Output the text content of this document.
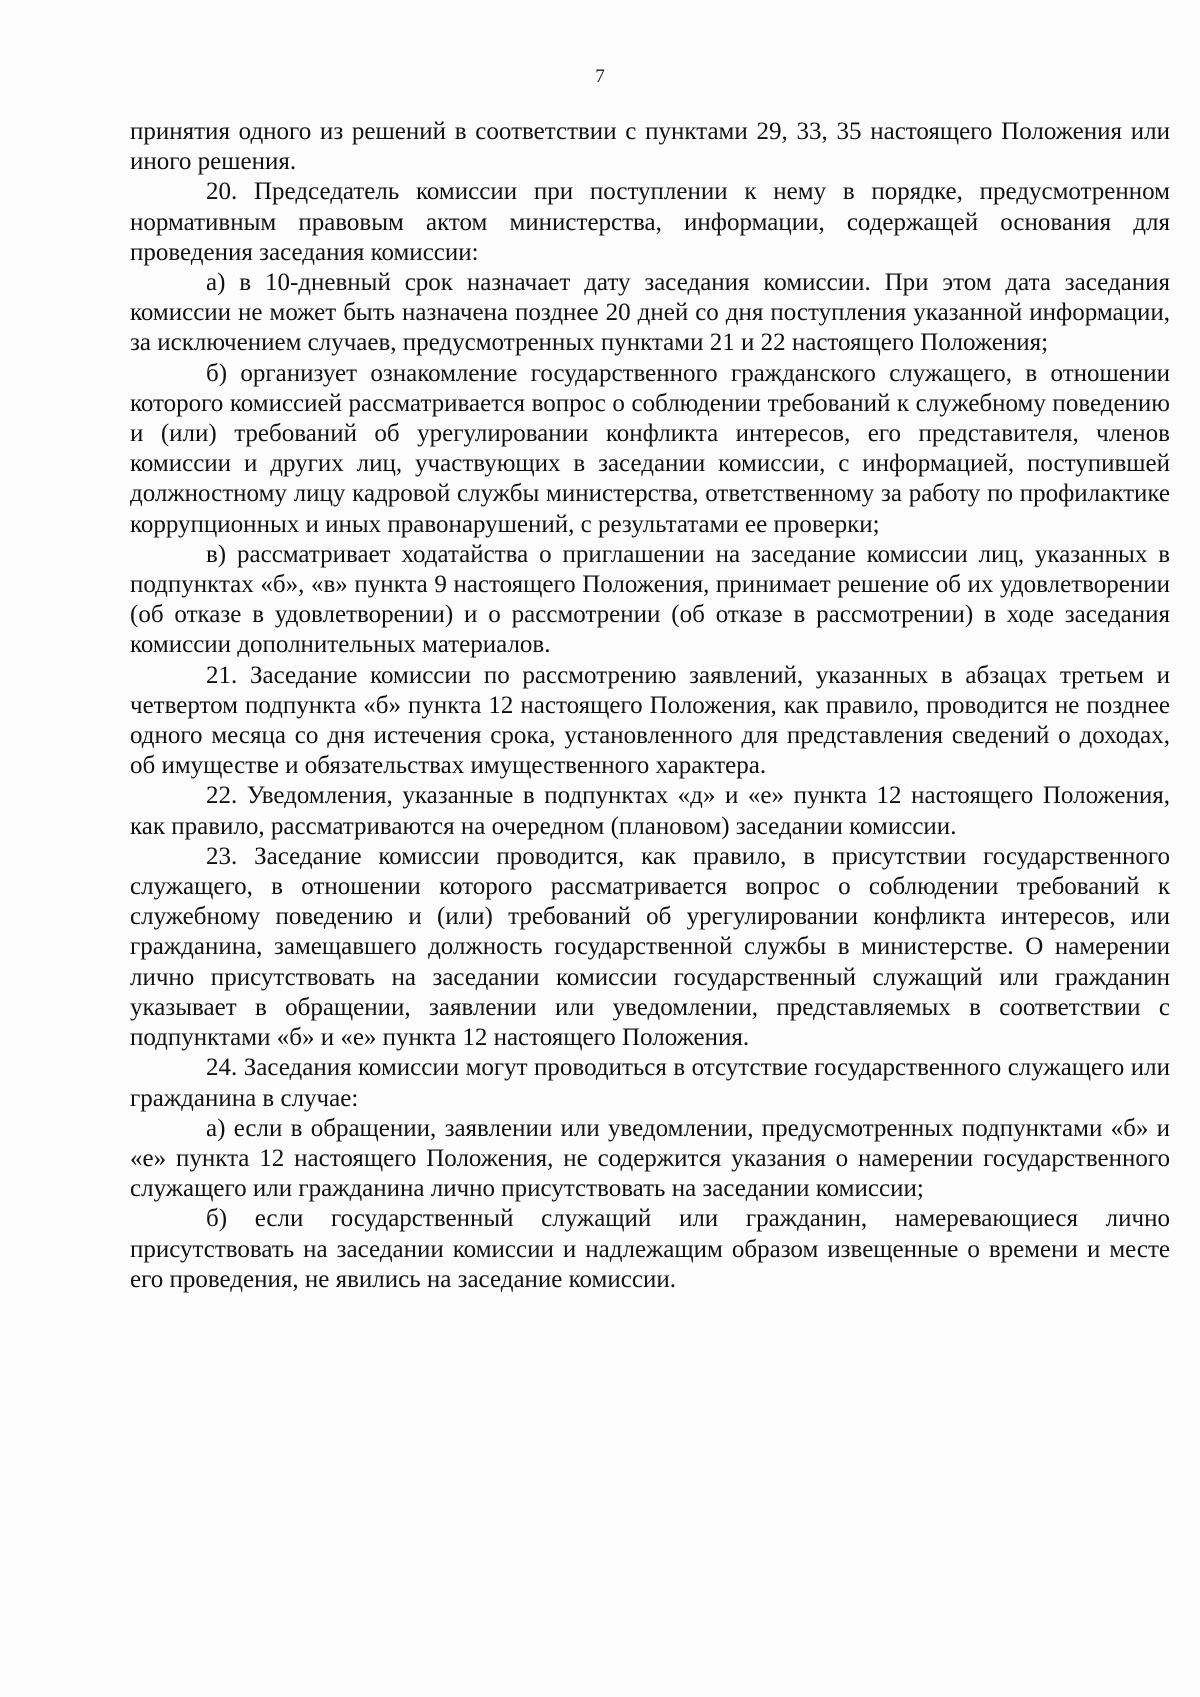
7

принятия одного из решений в соответствии с пунктами 29, 33, 35 настоящего Положения или иного решения.

20. Председатель комиссии при поступлении к нему в порядке, предусмотренном нормативным правовым актом министерства, информации, содержащей основания для проведения заседания комиссии:

а) в 10-дневный срок назначает дату заседания комиссии. При этом дата заседания комиссии не может быть назначена позднее 20 дней со дня поступления указанной информации, за исключением случаев, предусмотренных пунктами 21 и 22 настоящего Положения;

б) организует ознакомление государственного гражданского служащего, в отношении которого комиссией рассматривается вопрос о соблюдении требований к служебному поведению и (или) требований об урегулировании конфликта интересов, его представителя, членов комиссии и других лиц, участвующих в заседании комиссии, с информацией, поступившей должностному лицу кадровой службы министерства, ответственному за работу по профилактике коррупционных и иных правонарушений, с результатами ее проверки;

в) рассматривает ходатайства о приглашении на заседание комиссии лиц, указанных в подпунктах «б», «в» пункта 9 настоящего Положения, принимает решение об их удовлетворении (об отказе в удовлетворении) и о рассмотрении (об отказе в рассмотрении) в ходе заседания комиссии дополнительных материалов.

21. Заседание комиссии по рассмотрению заявлений, указанных в абзацах третьем и четвертом подпункта «б» пункта 12 настоящего Положения, как правило, проводится не позднее одного месяца со дня истечения срока, установленного для представления сведений о доходах, об имуществе и обязательствах имущественного характера.

22. Уведомления, указанные в подпунктах «д» и «е» пункта 12 настоящего Положения, как правило, рассматриваются на очередном (плановом) заседании комиссии.

23. Заседание комиссии проводится, как правило, в присутствии государственного служащего, в отношении которого рассматривается вопрос о соблюдении требований к служебному поведению и (или) требований об урегулировании конфликта интересов, или гражданина, замещавшего должность государственной службы в министерстве. О намерении лично присутствовать на заседании комиссии государственный служащий или гражданин указывает в обращении, заявлении или уведомлении, представляемых в соответствии с подпунктами «б» и «е» пункта 12 настоящего Положения.

24. Заседания комиссии могут проводиться в отсутствие государственного служащего или гражданина в случае:

а) если в обращении, заявлении или уведомлении, предусмотренных подпунктами «б» и «е» пункта 12 настоящего Положения, не содержится указания о намерении государственного служащего или гражданина лично присутствовать на заседании комиссии;

б) если государственный служащий или гражданин, намеревающиеся лично присутствовать на заседании комиссии и надлежащим образом извещенные о времени и месте его проведения, не явились на заседание комиссии.
